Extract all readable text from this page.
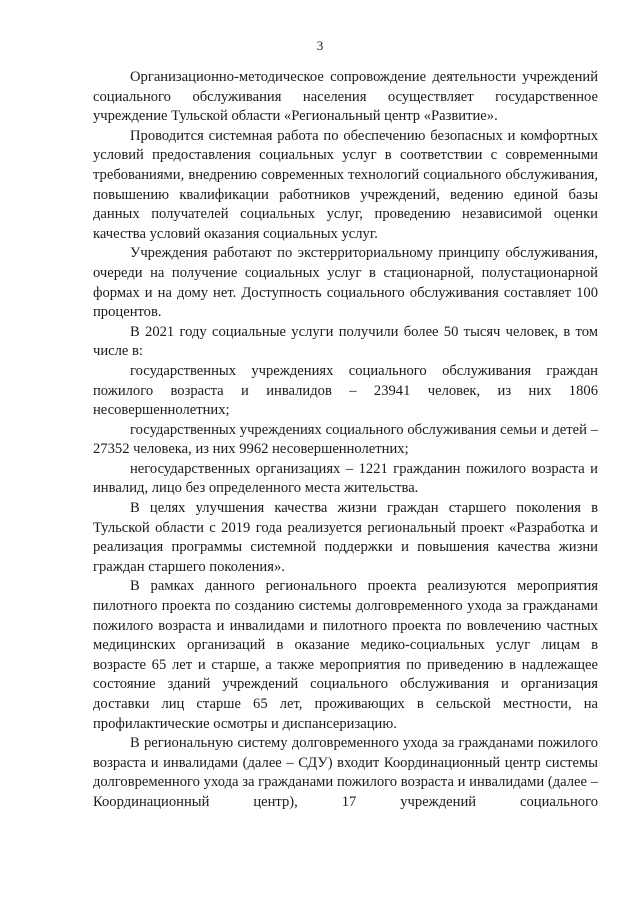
3

Организационно-методическое сопровождение деятельности учреждений социального обслуживания населения осуществляет государственное учреждение Тульской области «Региональный центр «Развитие».

Проводится системная работа по обеспечению безопасных и комфортных условий предоставления социальных услуг в соответствии с современными требованиями, внедрению современных технологий социального обслуживания, повышению квалификации работников учреждений, ведению единой базы данных получателей социальных услуг, проведению независимой оценки качества условий оказания социальных услуг.

Учреждения работают по экстерриториальному принципу обслуживания, очереди на получение социальных услуг в стационарной, полустационарной формах и на дому нет. Доступность социального обслуживания составляет 100 процентов.

В 2021 году социальные услуги получили более 50 тысяч человек, в том числе в:

государственных учреждениях социального обслуживания граждан пожилого возраста и инвалидов – 23941 человек, из них 1806 несовершеннолетних;

государственных учреждениях социального обслуживания семьи и детей – 27352 человека, из них 9962 несовершеннолетних;

негосударственных организациях – 1221 гражданин пожилого возраста и инвалид, лицо без определенного места жительства.

В целях улучшения качества жизни граждан старшего поколения в Тульской области с 2019 года реализуется региональный проект «Разработка и реализация программы системной поддержки и повышения качества жизни граждан старшего поколения».

В рамках данного регионального проекта реализуются мероприятия пилотного проекта по созданию системы долговременного ухода за гражданами пожилого возраста и инвалидами и пилотного проекта по вовлечению частных медицинских организаций в оказание медико-социальных услуг лицам в возрасте 65 лет и старше, а также мероприятия по приведению в надлежащее состояние зданий учреждений социального обслуживания и организация доставки лиц старше 65 лет, проживающих в сельской местности, на профилактические осмотры и диспансеризацию.

В региональную систему долговременного ухода за гражданами пожилого возраста и инвалидами (далее – СДУ) входит Координационный центр системы долговременного ухода за гражданами пожилого возраста и инвалидами (далее – Координационный центр), 17 учреждений социального
